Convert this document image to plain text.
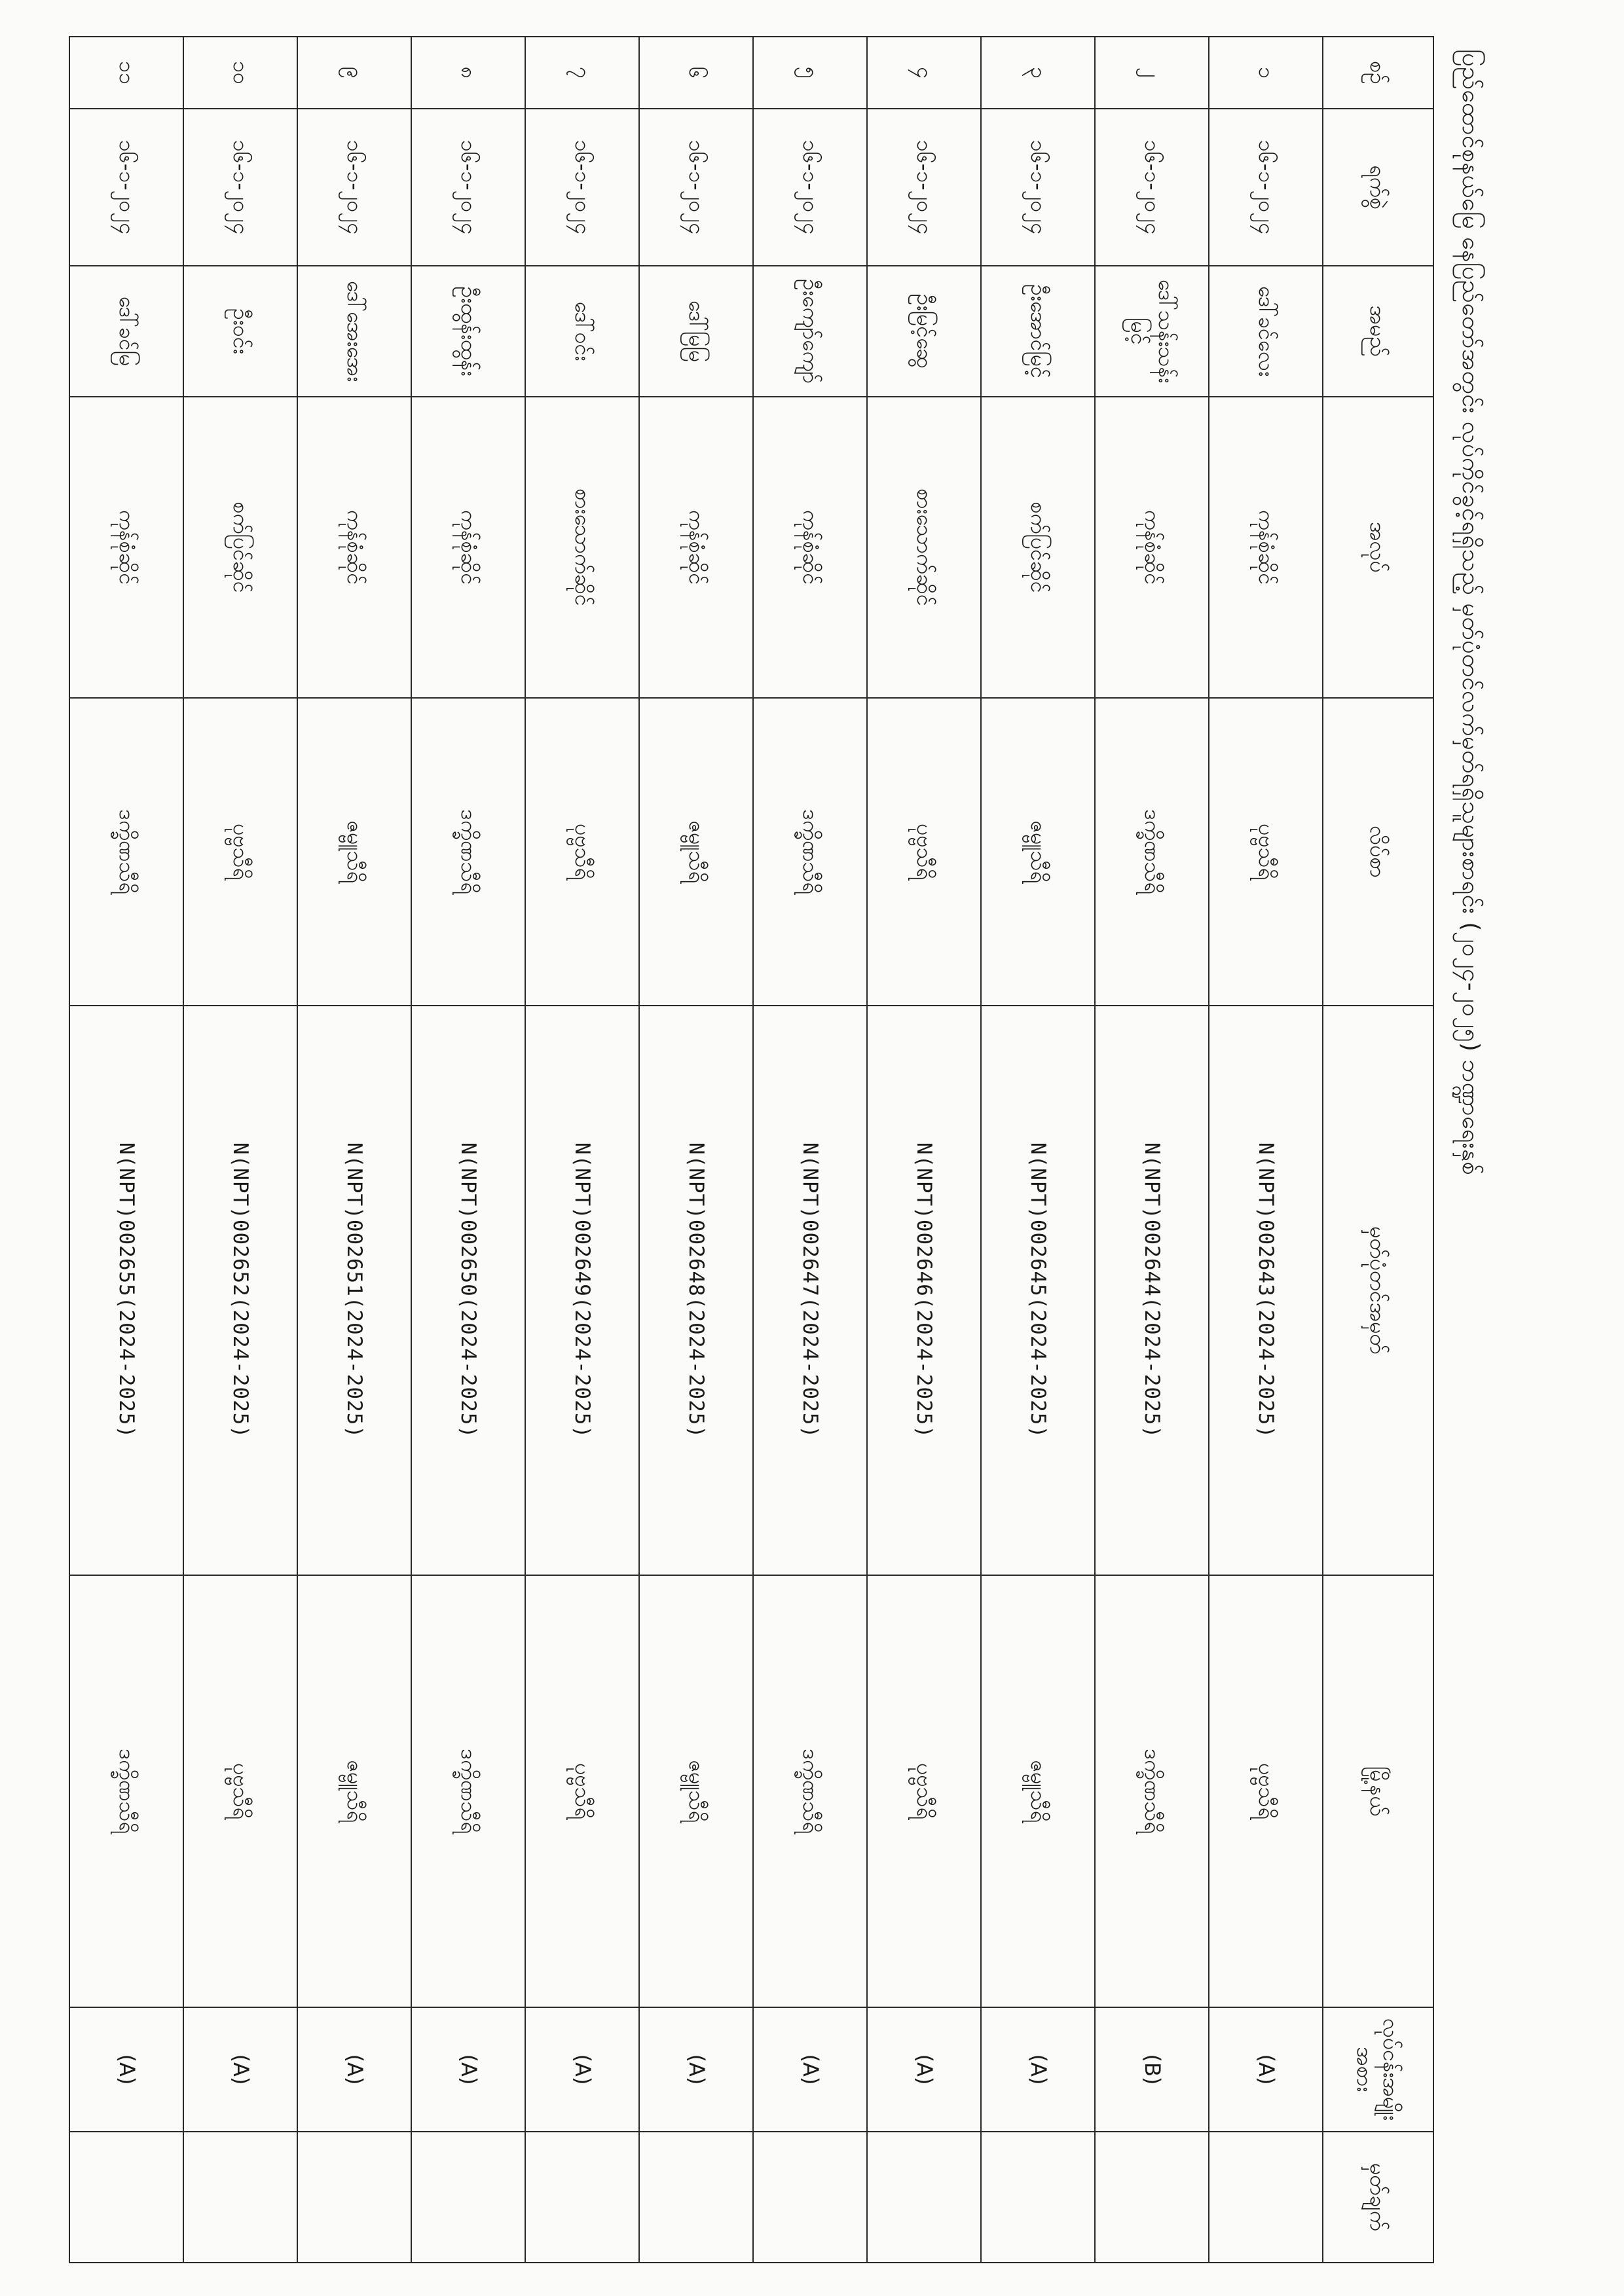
ပြည်ထောင်စုနယ်မြေ နေပြည်တော်အတွင်း လုပ်ကိုင်ခွင့်ရရှိသည့် မှတ်ပုံတင်လက်မှတ်ရရှိသူများစာရင်း (၂၀၂၄-၂၀၂၅) ဘဏ္ဍာရေးနှစ်
စဉ်	ရက်စွဲ	အမည်	အလုပ်	လိပ်စာ	မှတ်ပုံတင်အမှတ်	မြို့နယ်	လုပ်ငန်းအမျိုးအစား	မှတ်ချက်
၁	၁၆-၁-၂၀၂၄	ဒေါ်ခင်လေး	ကုန်စုံဆိုင်	ပုဗ္ဗသီရိ	N(NPT)002643(2024-2025)	ပုဗ္ဗသီရိ	(A)	
၂	၁၆-၁-၂၀၂၄	ဒေါ်သန်းသန်းမြင့်	ကုန်စုံဆိုင်	ဒက္ခိဏသီရိ	N(NPT)002644(2024-2025)	ဒက္ခိဏသီရိ	(B)	
၃	၁၆-၁-၂၀၂၄	ဦးအောင်မြင့်	စက်ပြင်ဆိုင်	ဇမ္ဗူသီရိ	N(NPT)002645(2024-2025)	ဇမ္ဗူသီရိ	(A)	
၄	၁၆-၁-၂၀၂၄	ဦးမြင့်ဆွေ	စားသောက်ဆိုင်	ပုဗ္ဗသီရိ	N(NPT)002646(2024-2025)	ပုဗ္ဗသီရိ	(A)	
၅	၁၆-၁-၂၀၂၄	ဦးကျော်ကျော်	ကုန်စုံဆိုင်	ဒက္ခိဏသီရိ	N(NPT)002647(2024-2025)	ဒက္ခိဏသီရိ	(A)	
၆	၁၆-၁-၂၀၂၄	ဒေါ်မြမြ	ကုန်စုံဆိုင်	ဇမ္ဗူသီရိ	N(NPT)002648(2024-2025)	ဇမ္ဗူသီရိ	(A)	
၇	၁၆-၁-၂၀၂၄	ဒေါ်ဝင်း	စားသောက်ဆိုင်	ပုဗ္ဗသီရိ	N(NPT)002649(2024-2025)	ပုဗ္ဗသီရိ	(A)	
၈	၁၆-၁-၂၀၂၄	ဦးထွန်းထွန်း	ကုန်စုံဆိုင်	ဒက္ခိဏသီရိ	N(NPT)002650(2024-2025)	ဒက္ခိဏသီရိ	(A)	
၉	၁၆-၁-၂၀၂၄	ဒေါ်အေးအေး	ကုန်စုံဆိုင်	ဇမ္ဗူသီရိ	N(NPT)002651(2024-2025)	ဇမ္ဗူသီရိ	(A)	
၁၀	၁၆-၁-၂၀၂၄	ဦးဝင်း	စက်ပြင်ဆိုင်	ပုဗ္ဗသီရိ	N(NPT)002652(2024-2025)	ပုဗ္ဗသီရိ	(A)	
၁၁	၁၆-၁-၂၀၂၄	ဒေါ်ခင်မြ	ကုန်စုံဆိုင်	ဒက္ခိဏသီရိ	N(NPT)002655(2024-2025)	ဒက္ခိဏသီရိ	(A)	
